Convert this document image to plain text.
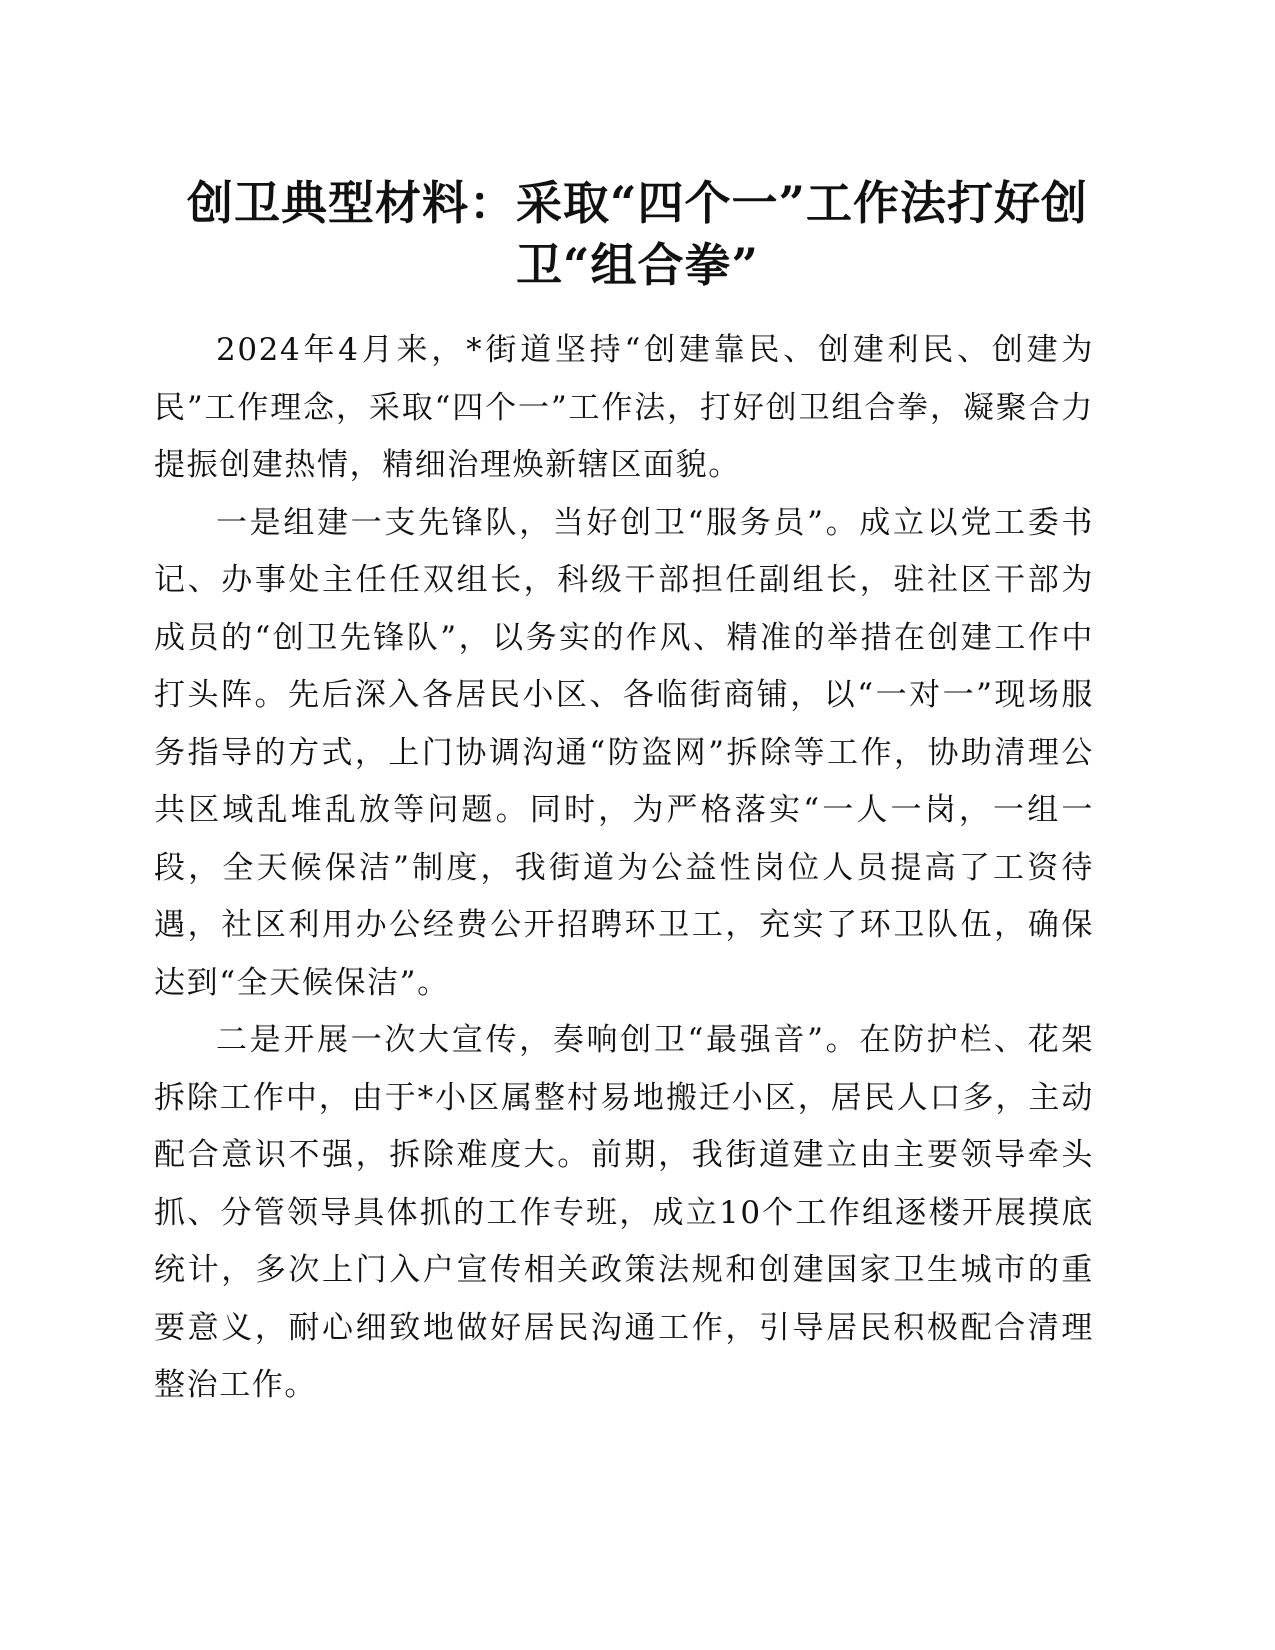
创卫典型材料：采取“四个一”工作法打好创
卫“组合拳”

2024年4月来，*街道坚持“创建靠民、创建利民、创建为民”工作理念，采取“四个一”工作法，打好创卫组合拳，凝聚合力提振创建热情，精细治理焕新辖区面貌。

一是组建一支先锋队，当好创卫“服务员”。成立以党工委书记、办事处主任任双组长，科级干部担任副组长，驻社区干部为成员的“创卫先锋队”，以务实的作风、精准的举措在创建工作中打头阵。先后深入各居民小区、各临街商铺，以“一对一”现场服务指导的方式，上门协调沟通“防盗网”拆除等工作，协助清理公共区域乱堆乱放等问题。同时，为严格落实“一人一岗，一组一段，全天候保洁”制度，我街道为公益性岗位人员提高了工资待遇，社区利用办公经费公开招聘环卫工，充实了环卫队伍，确保达到“全天候保洁”。

二是开展一次大宣传，奏响创卫“最强音”。在防护栏、花架拆除工作中，由于*小区属整村易地搬迁小区，居民人口多，主动配合意识不强，拆除难度大。前期，我街道建立由主要领导牵头抓、分管领导具体抓的工作专班，成立10个工作组逐楼开展摸底统计，多次上门入户宣传相关政策法规和创建国家卫生城市的重要意义，耐心细致地做好居民沟通工作，引导居民积极配合清理整治工作。
